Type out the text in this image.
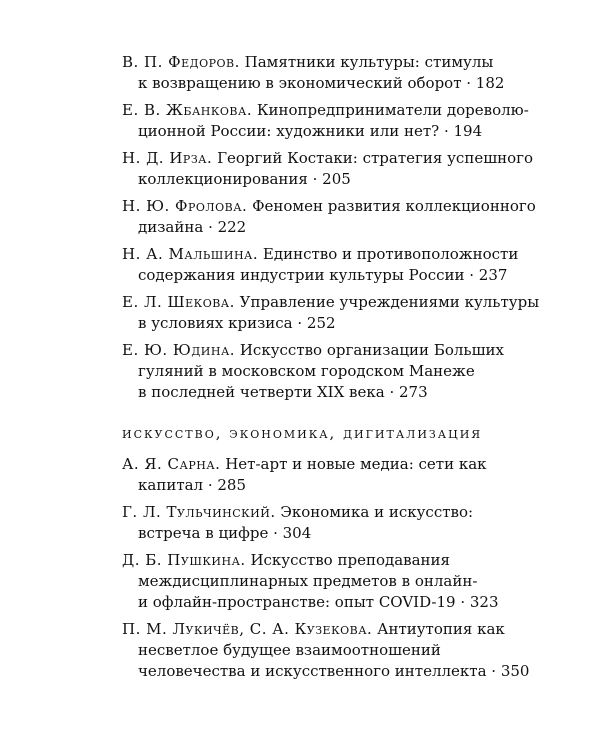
В. П. Федоров. Памятники культуры: стимулы
к возвращению в экономический оборот · 182
Е. В. Жбанкова. Кинопредприниматели дореволю-
ционной России: художники или нет? · 194
Н. Д. Ирза. Георгий Костаки: стратегия успешного
коллекционирования · 205
Н. Ю. Фролова. Феномен развития коллекционного
дизайна · 222
Н. А. Мальшина. Единство и противоположности
содержания индустрии культуры России · 237
Е. Л. Шекова. Управление учреждениями культуры
в условиях кризиса · 252
Е. Ю. Юдина. Искусство организации Больших
гуляний в московском городском Манеже
в последней четверти XIX века · 273
искусство, экономика, дигитализация
А. Я. Сарна. Нет-арт и новые медиа: сети как
капитал · 285
Г. Л. Тульчинский. Экономика и искусство:
встреча в цифре · 304
Д. Б. Пушкина. Искусство преподавания
междисциплинарных предметов в онлайн-
и офлайн-пространстве: опыт COVID-19 · 323
П. М. Лукичёв, С. А. Кузекова. Антиутопия как
несветлое будущее взаимоотношений
человечества и искусственного интеллекта · 350
